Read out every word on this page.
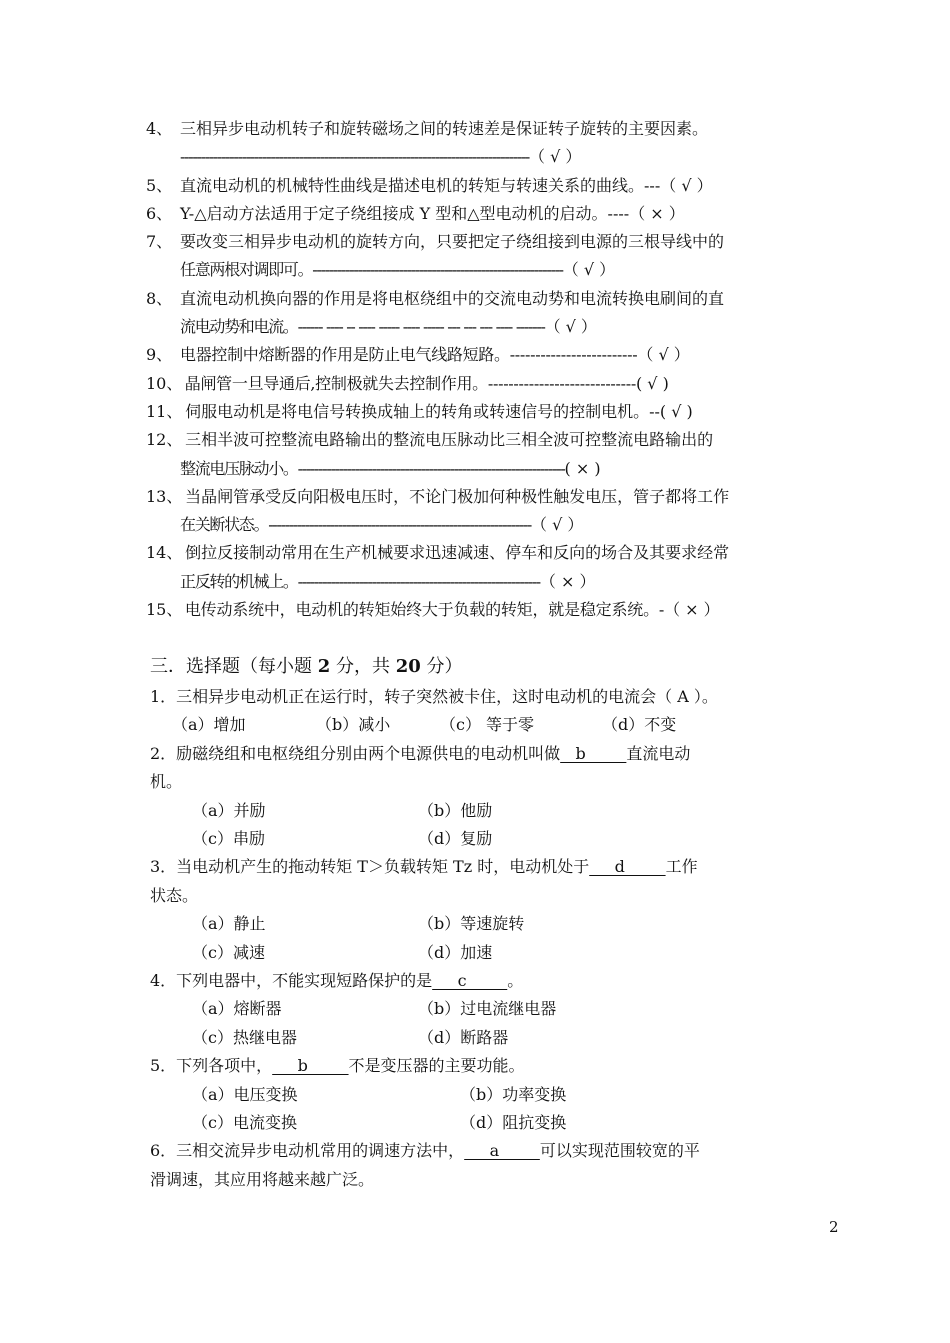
4、 三相异步电动机转子和旋转磁场之间的转速差是保证转子旋转的主要因素。
-------------------------------------------------------------------------------------（ √ ）
5、 直流电动机的机械特性曲线是描述电机的转矩与转速关系的曲线。---（ √ ）
6、 Y-△启动方法适用于定子绕组接成 Y 型和△型电动机的启动。----（ × ）
7、 要改变三相异步电动机的旋转方向，只要把定子绕组接到电源的三根导线中的
任意两根对调即可。-------------------------------------------------------------（ √ ）
8、 直流电动机换向器的作用是将电枢绕组中的交流电动势和电流转换电刷间的直
流电动势和电流。------ ---- -- ---- ----- ---- ----- --- --- --- ---- -------（ √ ）
9、 电器控制中熔断器的作用是防止电气线路短路。-------------------------（ √ ）
10、 晶闸管一旦导通后,控制极就失去控制作用。-----------------------------( √ )
11、 伺服电动机是将电信号转换成轴上的转角或转速信号的控制电机。--( √ )
12、 三相半波可控整流电路输出的整流电压脉动比三相全波可控整流电路输出的
整流电压脉动小。-----------------------------------------------------------------( × )
13、 当晶闸管承受反向阳极电压时，不论门极加何种极性触发电压，管子都将工作
在关断状态。----------------------------------------------------------------（ √ ）
14、 倒拉反接制动常用在生产机械要求迅速减速、停车和反向的场合及其要求经常
正反转的机械上。-----------------------------------------------------------（ × ）
15、 电传动系统中，电动机的转矩始终大于负载的转矩，就是稳定系统。-（ × ）
三．选择题（每小题 2 分，共 20 分）
1．三相异步电动机正在运行时，转子突然被卡住，这时电动机的电流会（ A ）。
（a）增加	（b）减小	（c） 等于零	（d）不变
2．励磁绕组和电枢绕组分别由两个电源供电的电动机叫做   b        直流电动
机。
（a）并励	（b）他励
（c）串励	（d）复励
3．当电动机产生的拖动转矩 T＞负载转矩 Tz 时，电动机处于     d        工作
状态。
（a）静止	（b）等速旋转
（c）减速	（d）加速
4．下列电器中，不能实现短路保护的是     c        。
（a）熔断器	（b）过电流继电器
（c）热继电器	（d）断路器
5．下列各项中，     b        不是变压器的主要功能。
（a）电压变换	（b）功率变换
（c）电流变换	（d）阻抗变换
6．三相交流异步电动机常用的调速方法中，     a        可以实现范围较宽的平
滑调速，其应用将越来越广泛。
2
